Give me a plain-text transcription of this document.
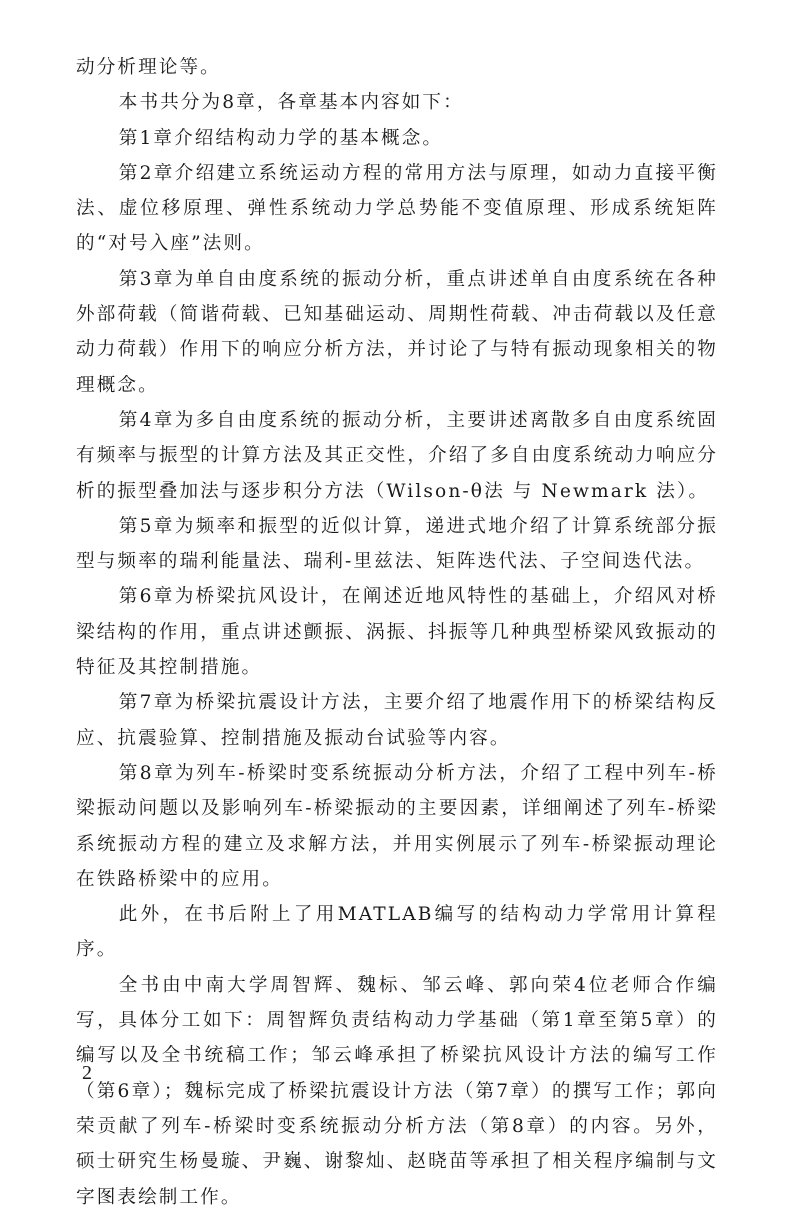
动分析理论等。

本书共分为8章，各章基本内容如下：

第1章介绍结构动力学的基本概念。

第2章介绍建立系统运动方程的常用方法与原理，如动力直接平衡法、虚位移原理、弹性系统动力学总势能不变值原理、形成系统矩阵的“对号入座”法则。

第3章为单自由度系统的振动分析，重点讲述单自由度系统在各种外部荷载（简谐荷载、已知基础运动、周期性荷载、冲击荷载以及任意动力荷载）作用下的响应分析方法，并讨论了与特有振动现象相关的物理概念。

第4章为多自由度系统的振动分析，主要讲述离散多自由度系统固有频率与振型的计算方法及其正交性，介绍了多自由度系统动力响应分析的振型叠加法与逐步积分方法（Wilson-θ法 与 Newmark 法）。

第5章为频率和振型的近似计算，递进式地介绍了计算系统部分振型与频率的瑞利能量法、瑞利-里兹法、矩阵迭代法、子空间迭代法。

第6章为桥梁抗风设计，在阐述近地风特性的基础上，介绍风对桥梁结构的作用，重点讲述颤振、涡振、抖振等几种典型桥梁风致振动的特征及其控制措施。

第7章为桥梁抗震设计方法，主要介绍了地震作用下的桥梁结构反应、抗震验算、控制措施及振动台试验等内容。

第8章为列车-桥梁时变系统振动分析方法，介绍了工程中列车-桥梁振动问题以及影响列车-桥梁振动的主要因素，详细阐述了列车-桥梁系统振动方程的建立及求解方法，并用实例展示了列车-桥梁振动理论在铁路桥梁中的应用。

此外，在书后附上了用MATLAB编写的结构动力学常用计算程序。

全书由中南大学周智辉、魏标、邹云峰、郭向荣4位老师合作编写，具体分工如下：周智辉负责结构动力学基础（第1章至第5章）的编写以及全书统稿工作；邹云峰承担了桥梁抗风设计方法的编写工作（第6章）；魏标完成了桥梁抗震设计方法（第7章）的撰写工作；郭向荣贡献了列车-桥梁时变系统振动分析方法（第8章）的内容。另外，硕士研究生杨曼璇、尹巍、谢黎灿、赵晓苗等承担了相关程序编制与文字图表绘制工作。

2
